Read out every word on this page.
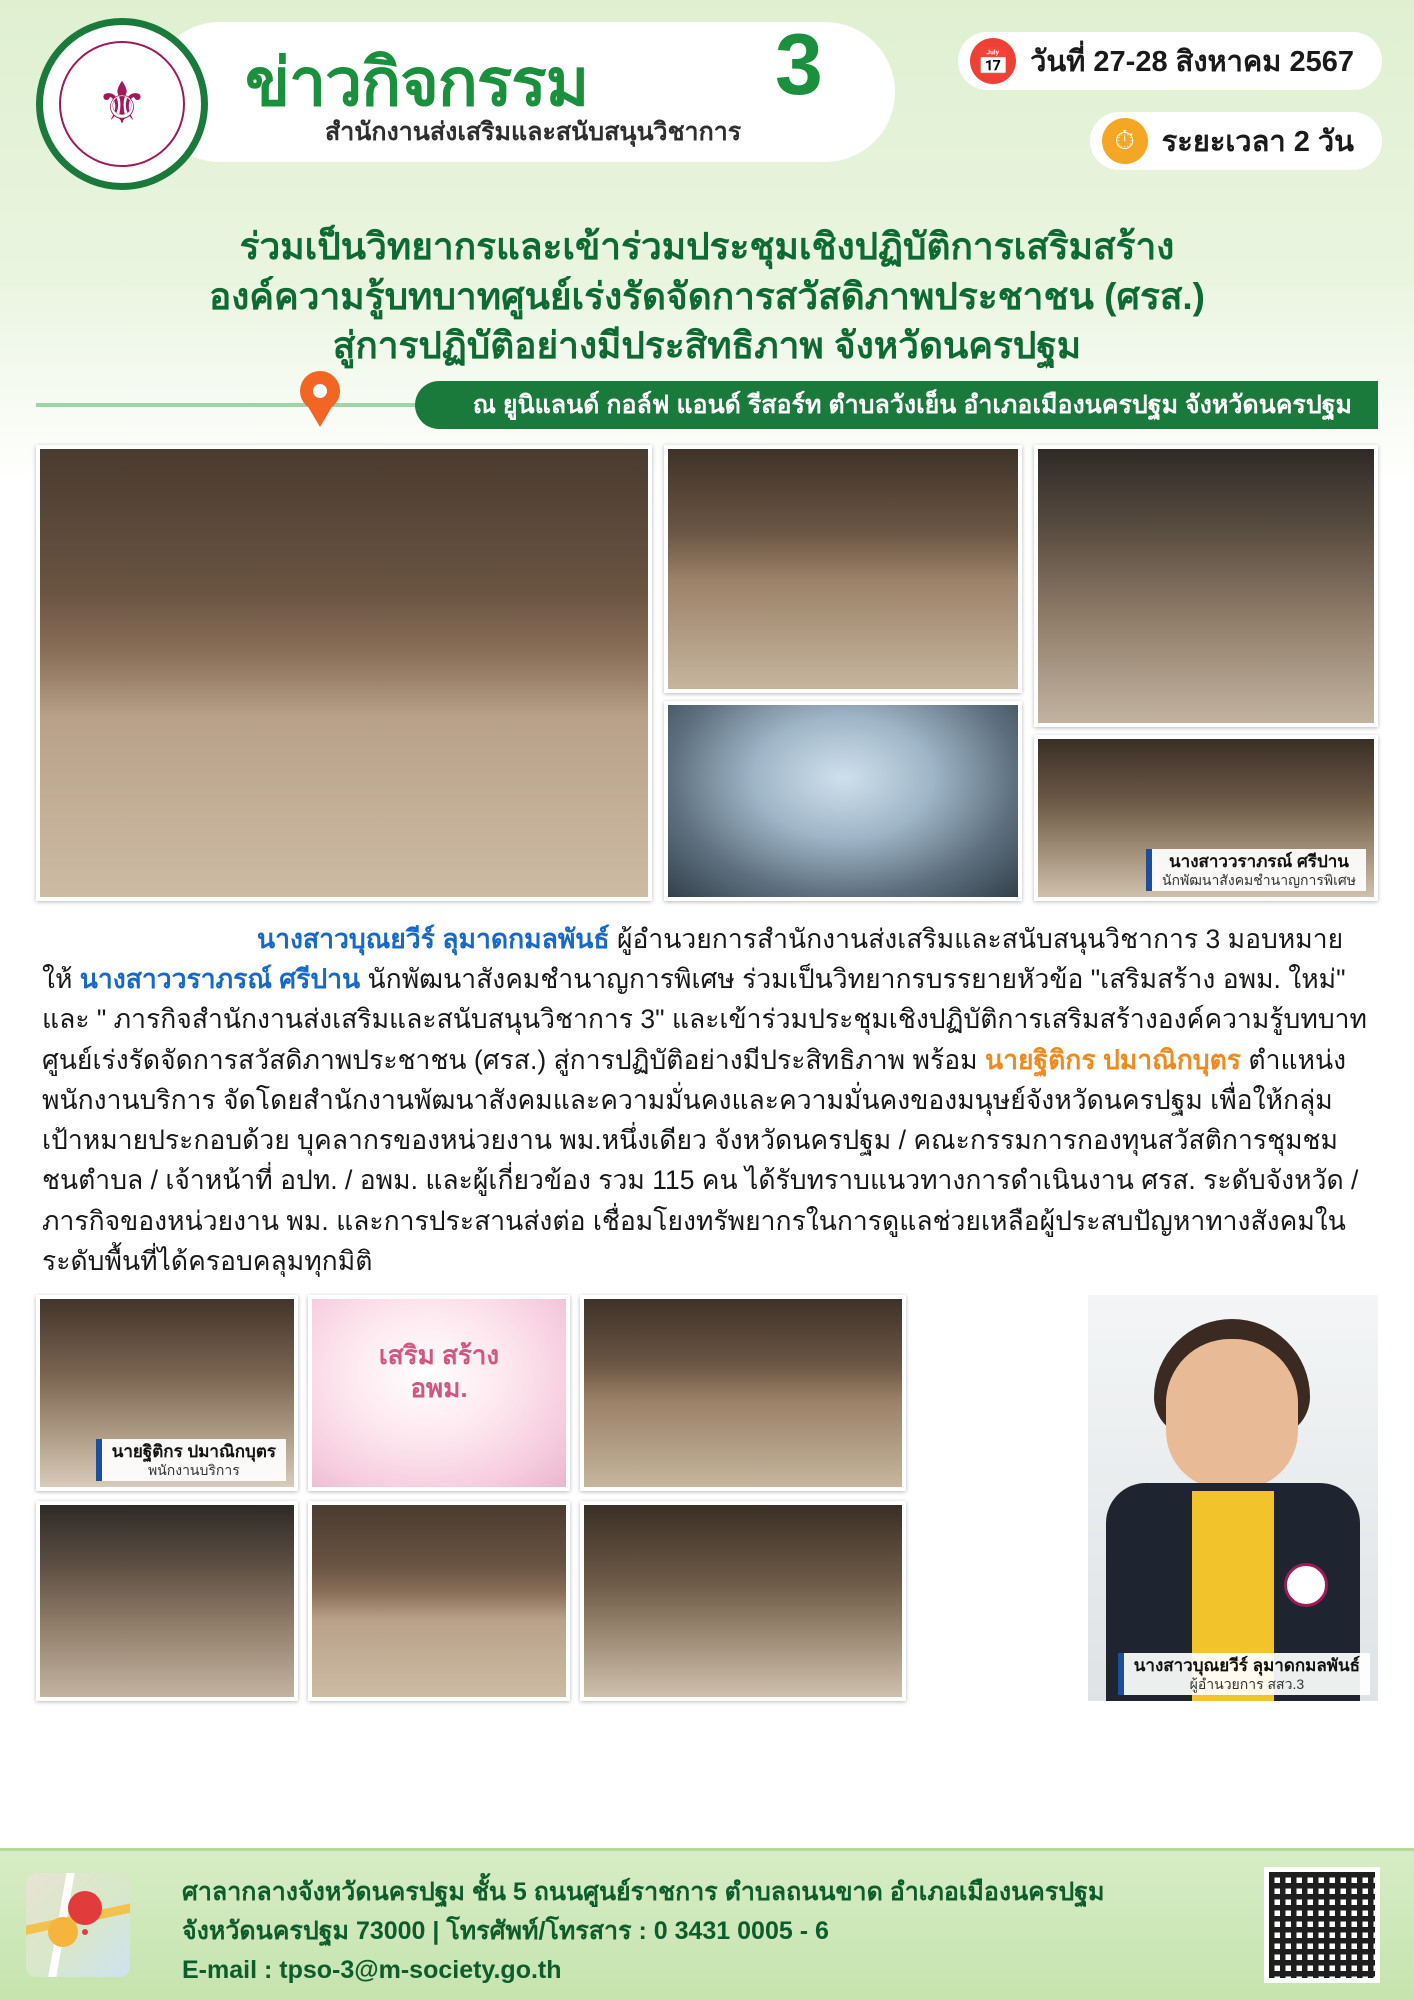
⚜	ข่าวกิจกรรม 3
สำนักงานส่งเสริมและสนับสนุนวิชาการ
📅 วันที่ 27-28 สิงหาคม 2567
⏱ ระยะเวลา 2 วัน
ร่วมเป็นวิทยากรและเข้าร่วมประชุมเชิงปฏิบัติการเสริมสร้าง
องค์ความรู้บทบาทศูนย์เร่งรัดจัดการสวัสดิภาพประชาชน (ศรส.)
สู่การปฏิบัติอย่างมีประสิทธิภาพ จังหวัดนครปฐม
ณ ยูนิแลนด์ กอล์ฟ แอนด์ รีสอร์ท ตำบลวังเย็น อำเภอเมืองนครปฐม จังหวัดนครปฐม
นางสาววราภรณ์ ศรีปาน
นักพัฒนาสังคมชำนาญการพิเศษ
นางสาวบุณยวีร์ ลุมาดกมลพันธ์ ผู้อำนวยการสำนักงานส่งเสริมและสนับสนุนวิชาการ 3 มอบหมายให้ นางสาววราภรณ์ ศรีปาน นักพัฒนาสังคมชำนาญการพิเศษ ร่วมเป็นวิทยากรบรรยายหัวข้อ "เสริมสร้าง อพม. ใหม่" และ " ภารกิจสำนักงานส่งเสริมและสนับสนุนวิชาการ 3" และเข้าร่วมประชุมเชิงปฏิบัติการเสริมสร้างองค์ความรู้บทบาทศูนย์เร่งรัดจัดการสวัสดิภาพประชาชน (ศรส.) สู่การปฏิบัติอย่างมีประสิทธิภาพ พร้อม นายฐิติกร ปมาณิกบุตร ตำแหน่งพนักงานบริการ จัดโดยสำนักงานพัฒนาสังคมและความมั่นคงและความมั่นคงของมนุษย์จังหวัดนครปฐม เพื่อให้กลุ่มเป้าหมายประกอบด้วย บุคลากรของหน่วยงาน พม.หนึ่งเดียว จังหวัดนครปฐม / คณะกรรมการกองทุนสวัสติการชุมชมชนตำบล / เจ้าหน้าที่ อปท. / อพม. และผู้เกี่ยวข้อง รวม 115 คน ได้รับทราบแนวทางการดำเนินงาน ศรส. ระดับจังหวัด / ภารกิจของหน่วยงาน พม. และการประสานส่งต่อ เชื่อมโยงทรัพยากรในการดูแลช่วยเหลือผู้ประสบปัญหาทางสังคมในระดับพื้นที่ได้ครอบคลุมทุกมิติ
นายฐิติกร ปมาณิกบุตร
พนักงานบริการ
เสริม สร้าง
อพม.
นางสาวบุณยวีร์ ลุมาดกมลพันธ์
ผู้อำนวยการ สสว.3
ศาลากลางจังหวัดนครปฐม ชั้น 5 ถนนศูนย์ราชการ ตำบลถนนขาด อำเภอเมืองนครปฐม
จังหวัดนครปฐม 73000 | โทรศัพท์/โทรสาร : 0 3431 0005 - 6
E-mail : tpso-3@m-society.go.th
